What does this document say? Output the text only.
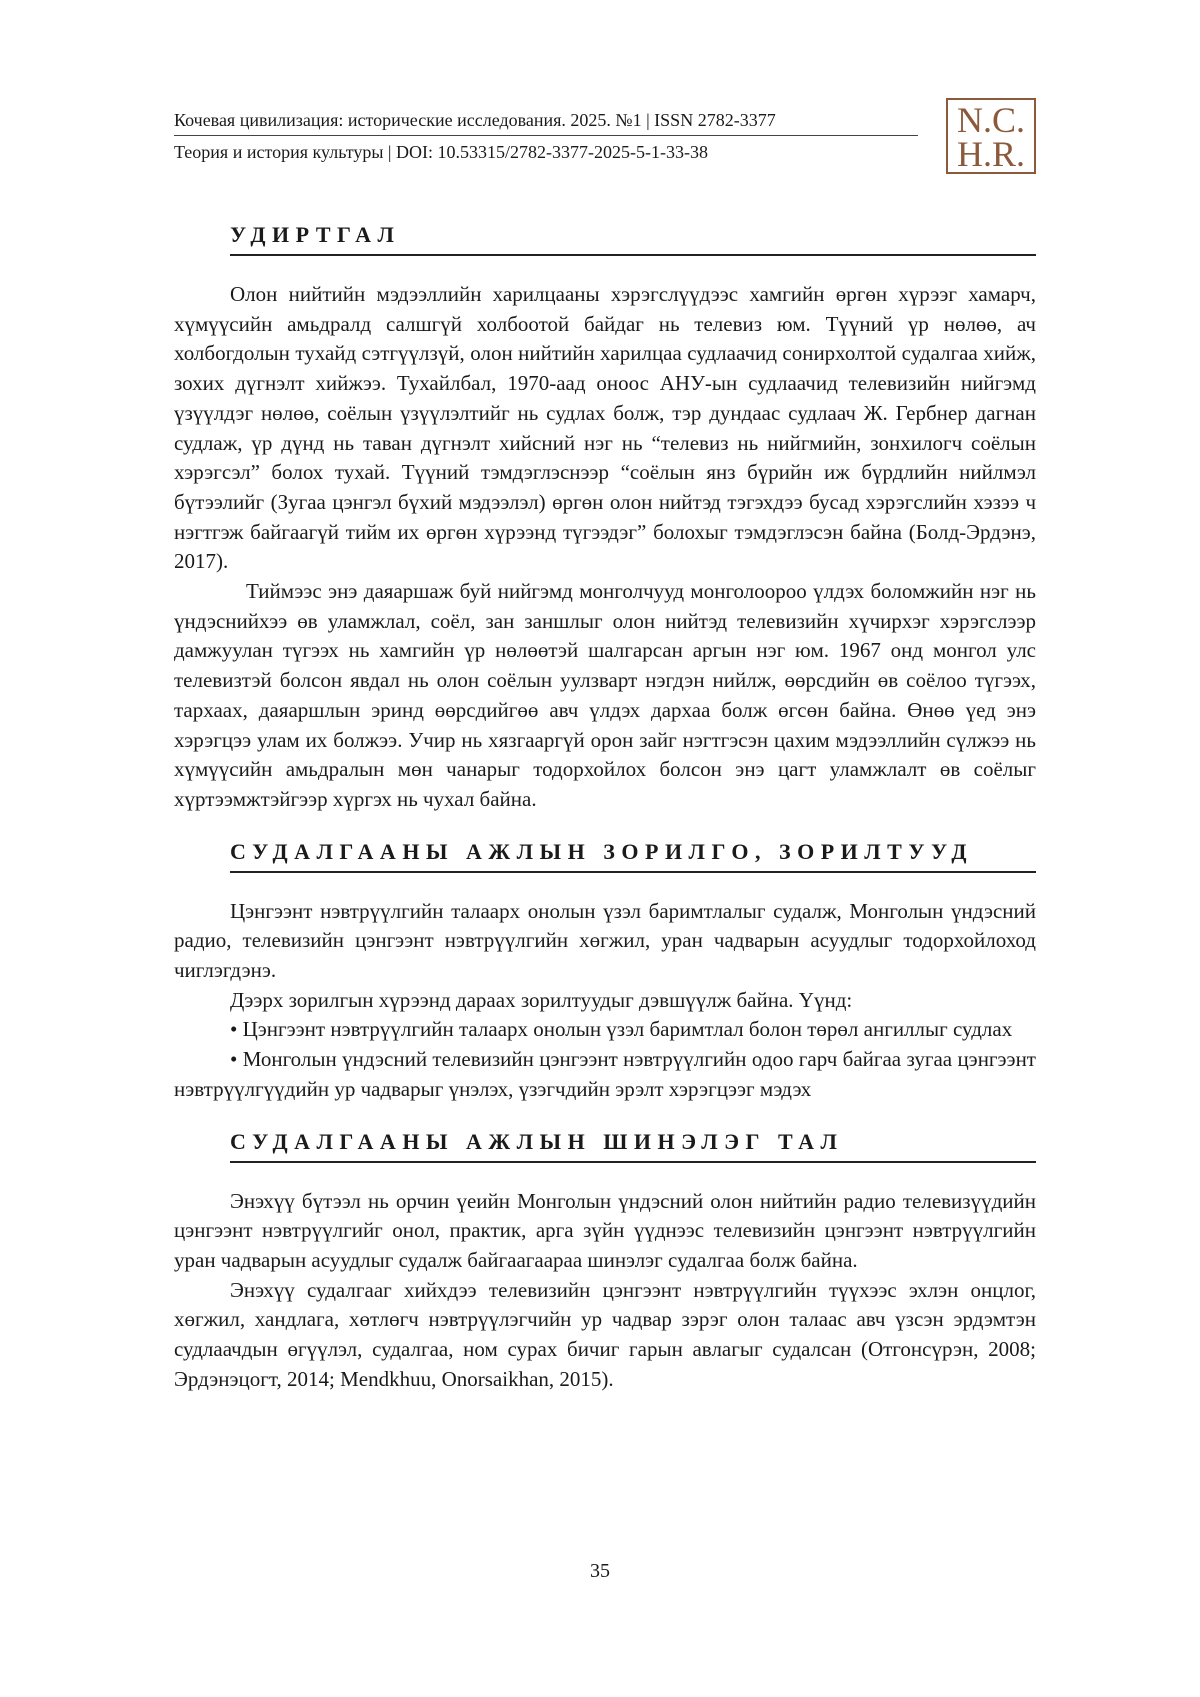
Кочевая цивилизация: исторические исследования. 2025. №1 | ISSN 2782-3377
Теория и история культуры | DOI: 10.53315/2782-3377-2025-5-1-33-38
N.C.
H.R.
УДИРТГАЛ

Олон нийтийн мэдээллийн харилцааны хэрэгслүүдээс хамгийн өргөн хүрээг хамарч, хүмүүсийн амьдралд салшгүй холбоотой байдаг нь телевиз юм. Түүний үр нөлөө, ач холбогдолын тухайд сэтгүүлзүй, олон нийтийн харилцаа судлаачид сонирхолтой судалгаа хийж, зохих дүгнэлт хийжээ. Тухайлбал, 1970-аад оноос АНУ-ын судлаачид телевизийн нийгэмд үзүүлдэг нөлөө, соёлын үзүүлэлтийг нь судлах болж, тэр дундаас судлаач Ж. Гербнер дагнан судлаж, үр дүнд нь таван дүгнэлт хийсний нэг нь “телевиз нь нийгмийн, зонхилогч соёлын хэрэгсэл” болох тухай. Түүний тэмдэглэснээр “соёлын янз бүрийн иж бүрдлийн нийлмэл бүтээлийг (Зугаа цэнгэл бүхий мэдээлэл) өргөн олон нийтэд тэгэхдээ бусад хэрэгслийн хэзээ ч нэгтгэж байгаагүй тийм их өргөн хүрээнд түгээдэг” болохыг тэмдэглэсэн байна (Болд-Эрдэнэ, 2017).

Тиймээс энэ даяаршаж буй нийгэмд монголчууд монголоороо үлдэх боломжийн нэг нь үндэснийхээ өв уламжлал, соёл, зан заншлыг олон нийтэд телевизийн хүчирхэг хэрэгслээр дамжуулан түгээх нь хамгийн үр нөлөөтэй шалгарсан аргын нэг юм. 1967 онд монгол улс телевизтэй болсон явдал нь олон соёлын уулзварт нэгдэн нийлж, өөрсдийн өв соёлоо түгээх, тархаах, даяаршлын эринд өөрсдийгөө авч үлдэх дархаа болж өгсөн байна. Өнөө үед энэ хэрэгцээ улам их болжээ. Учир нь хязгааргүй орон зайг нэгтгэсэн цахим мэдээллийн сүлжээ нь хүмүүсийн амьдралын мөн чанарыг тодорхойлох болсон энэ цагт уламжлалт өв соёлыг хүртээмжтэйгээр хүргэх нь чухал байна.

СУДАЛГААНЫ АЖЛЫН ЗОРИЛГО, ЗОРИЛТУУД

Цэнгээнт нэвтрүүлгийн талаарх онолын үзэл баримтлалыг судалж, Монголын үндэсний радио, телевизийн цэнгээнт нэвтрүүлгийн хөгжил, уран чадварын асуудлыг тодорхойлоход чиглэгдэнэ.

Дээрх зорилгын хүрээнд дараах зорилтуудыг дэвшүүлж байна. Үүнд:

• Цэнгээнт нэвтрүүлгийн талаарх онолын үзэл баримтлал болон төрөл ангиллыг судлах

• Монголын үндэсний телевизийн цэнгээнт нэвтрүүлгийн одоо гарч байгаа зугаа цэнгээнт нэвтрүүлгүүдийн ур чадварыг үнэлэх, үзэгчдийн эрэлт хэрэгцээг мэдэх

СУДАЛГААНЫ АЖЛЫН ШИНЭЛЭГ ТАЛ

Энэхүү бүтээл нь орчин үеийн Монголын үндэсний олон нийтийн радио телевизүүдийн цэнгээнт нэвтрүүлгийг онол, практик, арга зүйн үүднээс телевизийн цэнгээнт нэвтрүүлгийн уран чадварын асуудлыг судалж байгаагаараа шинэлэг судалгаа болж байна.

Энэхүү судалгааг хийхдээ телевизийн цэнгээнт нэвтрүүлгийн түүхээс эхлэн онцлог, хөгжил, хандлага, хөтлөгч нэвтрүүлэгчийн ур чадвар зэрэг олон талаас авч үзсэн эрдэмтэн судлаачдын өгүүлэл, судалгаа, ном сурах бичиг гарын авлагыг судалсан (Отгонсүрэн, 2008; Эрдэнэцогт, 2014; Mendkhuu, Onorsaikhan, 2015).

35
